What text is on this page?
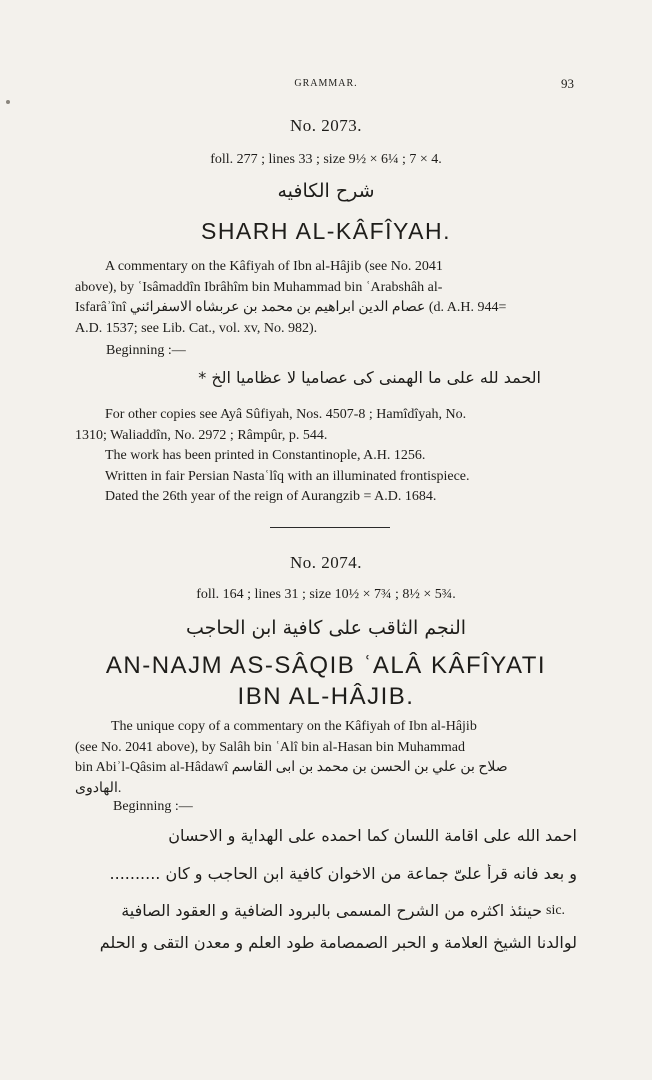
GRAMMAR.	93
No. 2073.
foll. 277 ; lines 33 ; size 9½ × 6¼ ; 7 × 4.
شرح الكافيه
SHARH AL-KÂFÎYAH.
A commentary on the Kâfiyah of Ibn al-Hâjib (see No. 2041
above), by ʿIsâmaddîn Ibrâhîm bin Muhammad bin ʿArabshâh al-
Isfarâʾînî عصام الدين ابراهيم بن محمد بن عربشاه الاسفرائني (d. A.H. 944=
A.D. 1537; see Lib. Cat., vol. xv, No. 982).
Beginning :—
الحمد لله على ما الهمنى كى عصاميا لا عظاميا الخ *
For other copies see Ayâ Sûfiyah, Nos. 4507-8 ; Hamîdîyah, No.
1310; Waliaddîn, No. 2972 ; Râmpûr, p. 544.
The work has been printed in Constantinople, A.H. 1256.
Written in fair Persian Nastaʿlîq with an illuminated frontispiece.
Dated the 26th year of the reign of Aurangzib = A.D. 1684.
No. 2074.
foll. 164 ; lines 31 ; size 10½ × 7¾ ; 8½ × 5¾.
النجم الثاقب على كافية ابن الحاجب
AN-NAJM AS-SÂQIB ʿALÂ KÂFÎYATI
IBN AL-HÂJIB.
The unique copy of a commentary on the Kâfiyah of Ibn al-Hâjib
(see No. 2041 above), by Salâh bin ʿAlî bin al-Hasan bin Muhammad
bin Abiʾl-Qâsim al-Hâdawî صلاح بن علي بن الحسن بن محمد بن ابى القاسم
الهادوى.
Beginning :—
احمد الله على اقامة اللسان كما احمده على الهداية و الاحسان
و بعد فانه قرأ علىّ جماعة من الاخوان كافية ابن الحاجب و كان ..........
حينئذ اكثره من الشرح المسمى بالبرود الضافية و العقود الصافية sic.
لوالدنا الشيخ العلامة و الحبر الصمصامة طود العلم و معدن التقى و الحلم
